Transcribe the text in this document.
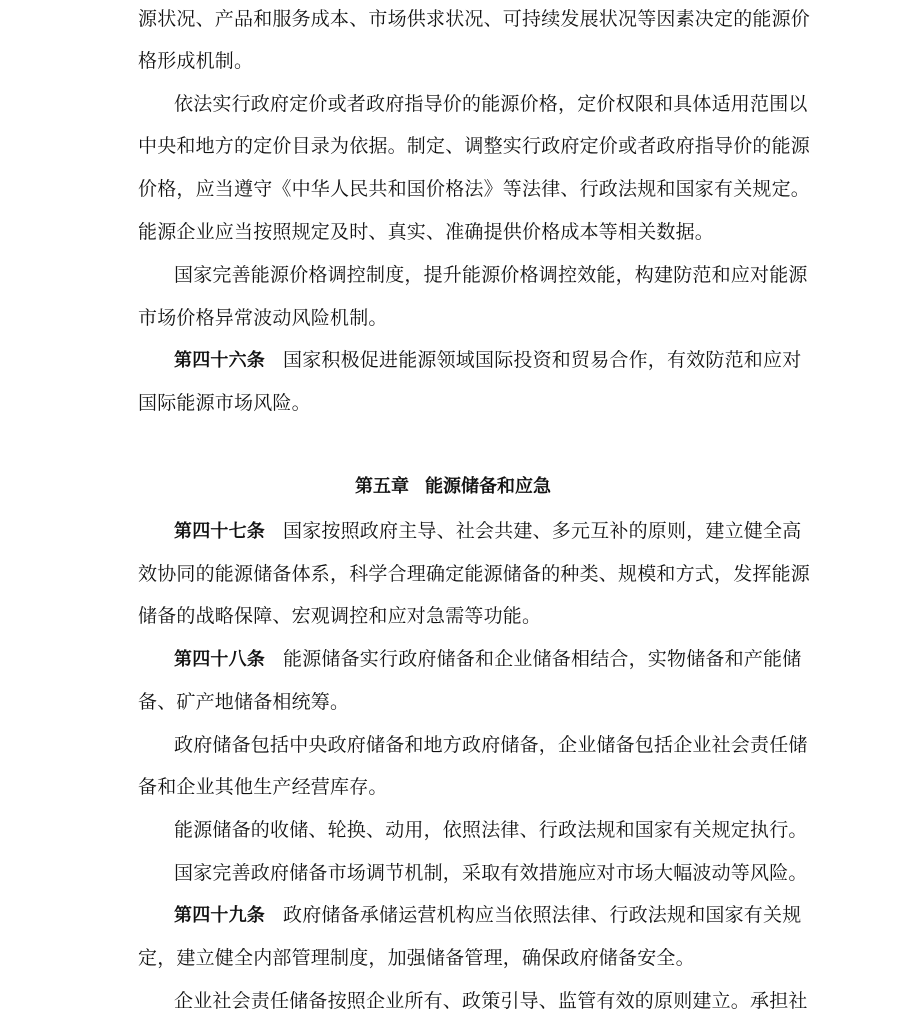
源状况、产品和服务成本、市场供求状况、可持续发展状况等因素决定的能源价
格形成机制。
依法实行政府定价或者政府指导价的能源价格，定价权限和具体适用范围以
中央和地方的定价目录为依据。制定、调整实行政府定价或者政府指导价的能源
价格，应当遵守《中华人民共和国价格法》等法律、行政法规和国家有关规定。
能源企业应当按照规定及时、真实、准确提供价格成本等相关数据。
国家完善能源价格调控制度，提升能源价格调控效能，构建防范和应对能源
市场价格异常波动风险机制。
第四十六条 国家积极促进能源领域国际投资和贸易合作，有效防范和应对
国际能源市场风险。
第五章 能源储备和应急
第四十七条 国家按照政府主导、社会共建、多元互补的原则，建立健全高
效协同的能源储备体系，科学合理确定能源储备的种类、规模和方式，发挥能源
储备的战略保障、宏观调控和应对急需等功能。
第四十八条 能源储备实行政府储备和企业储备相结合，实物储备和产能储
备、矿产地储备相统筹。
政府储备包括中央政府储备和地方政府储备，企业储备包括企业社会责任储
备和企业其他生产经营库存。
能源储备的收储、轮换、动用，依照法律、行政法规和国家有关规定执行。
国家完善政府储备市场调节机制，采取有效措施应对市场大幅波动等风险。
第四十九条 政府储备承储运营机构应当依照法律、行政法规和国家有关规
定，建立健全内部管理制度，加强储备管理，确保政府储备安全。
企业社会责任储备按照企业所有、政策引导、监管有效的原则建立。承担社
